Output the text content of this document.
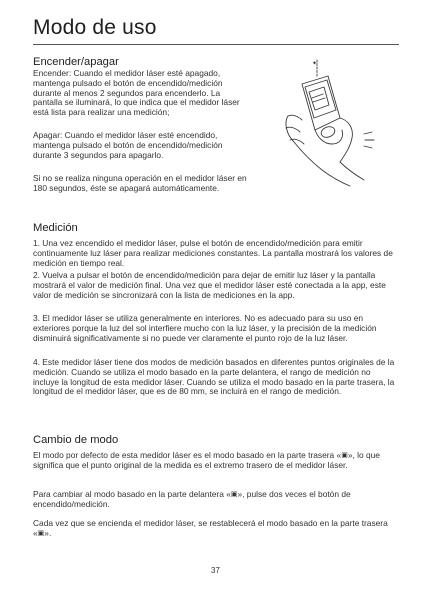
Modo de uso
Encender/apagar

Encender: Cuando el medidor láser esté apagado, mantenga pulsado el botón de encendido/medición durante al menos 2 segundos para encenderlo. La pantalla se iluminará, lo que indica que el medidor láser está lista para realizar una medición;

Apagar: Cuando el medidor láser esté encendido, mantenga pulsado el botón de encendido/medición durante 3 segundos para apagarlo.

Si no se realiza ninguna operación en el medidor láser en 180 segundos, éste se apagará automáticamente.

✦
Medición

1. Una vez encendido el medidor láser, pulse el botón de encendido/medición para emitir continuamente luz láser para realizar mediciones constantes. La pantalla mostrará los valores de medición en tiempo real.

2. Vuelva a pulsar el botón de encendido/medición para dejar de emitir luz láser y la pantalla mostrará el valor de medición final. Una vez que el medidor láser esté conectada a la app, este valor de medición se sincronizará con la lista de mediciones en la app.

3. El medidor láser se utiliza generalmente en interiores. No es adecuado para su uso en exteriores porque la luz del sol interfiere mucho con la luz láser, y la precisión de la medición disminuirá significativamente si no puede ver claramente el punto rojo de la luz láser.

4. Este medidor láser tiene dos modos de medición basados en diferentes puntos originales de la medición. Cuando se utiliza el modo basado en la parte delantera, el rango de medición no incluye la longitud de esta medidor láser. Cuando se utiliza el modo basado en la parte trasera, la longitud de el medidor láser, que es de 80 mm, se incluirá en el rango de medición.

Cambio de modo

El modo por defecto de esta medidor láser es el modo basado en la parte trasera «▣», lo que significa que el punto original de la medida es el extremo trasero de el medidor láser.

Para cambiar al modo basado en la parte delantera «▣», pulse dos veces el botón de encendido/medición.

Cada vez que se encienda el medidor láser, se restablecerá el modo basado en la parte trasera «▣».

37
